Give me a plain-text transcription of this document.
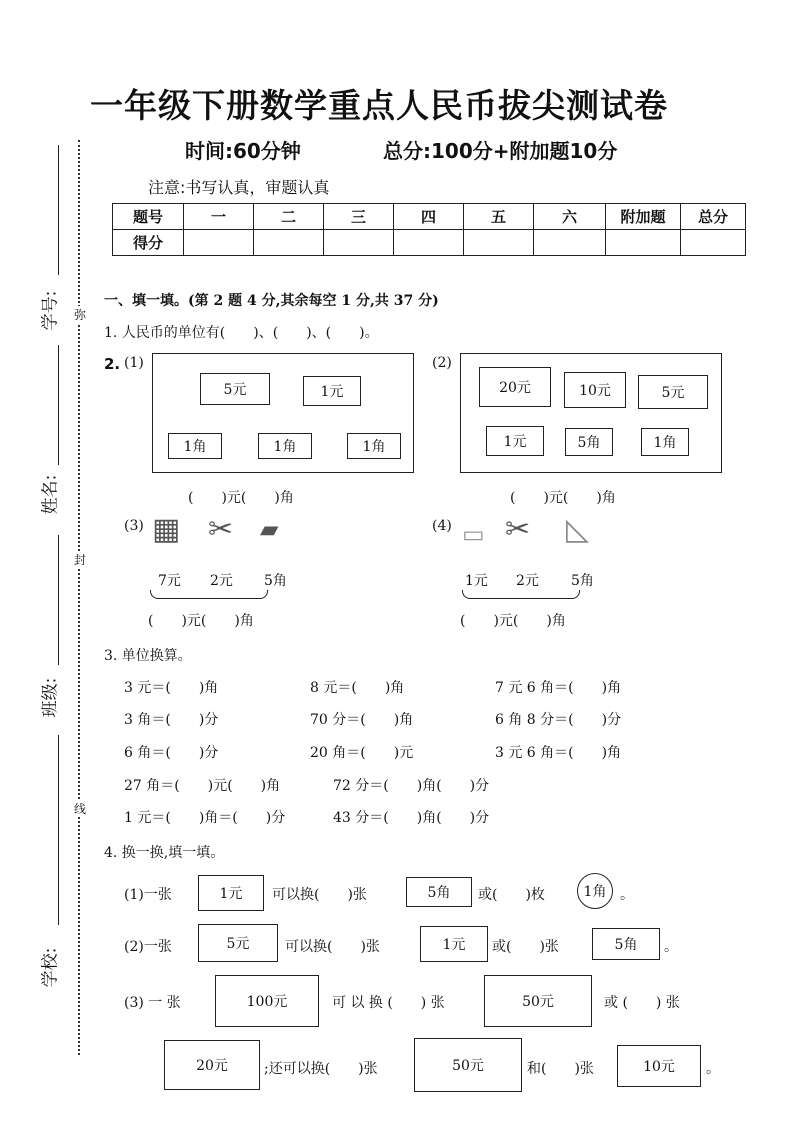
一年级下册数学重点人民币拔尖测试卷
时间:60分钟	总分:100分+附加题10分
注意:书写认真，审题认真
题号	一	二	三	四	五	六	附加题	总分
得分								
学号:
姓名:
班级:
学校:
弥
封
线
一、填一填。(第 2 题 4 分,其余每空 1 分,共 37 分)
1. 人民币的单位有(　　)、(　　)、(　　)。
2. (1)
5元	1元
1角	1角	1角
(　　)元(　　)角
(2)
20元	10元	5元
1元	5角	1角
(　　)元(　　)角
(3) ▦ ✂ ▰
7元 2元 5角
(　　)元(　　)角
(4) ▭ ✂ ◺
1元 2元 5角
(　　)元(　　)角
3. 单位换算。
3 元＝(　　)角	8 元＝(　　)角	7 元 6 角＝(　　)角
3 角＝(　　)分	70 分＝(　　)角	6 角 8 分＝(　　)分
6 角＝(　　)分	20 角＝(　　)元	3 元 6 角＝(　　)角
27 角＝(　　)元(　　)角	72 分＝(　　)角(　　)分
1 元＝(　　)角＝(　　)分	43 分＝(　　)角(　　)分
4. 换一换,填一填。
(1)一张	1元	可以换(　　)张	5角	或(　　)枚	1角 。
(2)一张	5元	可以换(　　)张	1元	或(　　)张	5角	。
(3) 一 张	100元	可 以 换 (　　) 张	50元	或 (　　) 张
20元	;还可以换(　　)张	50元	和(　　)张	10元	。
